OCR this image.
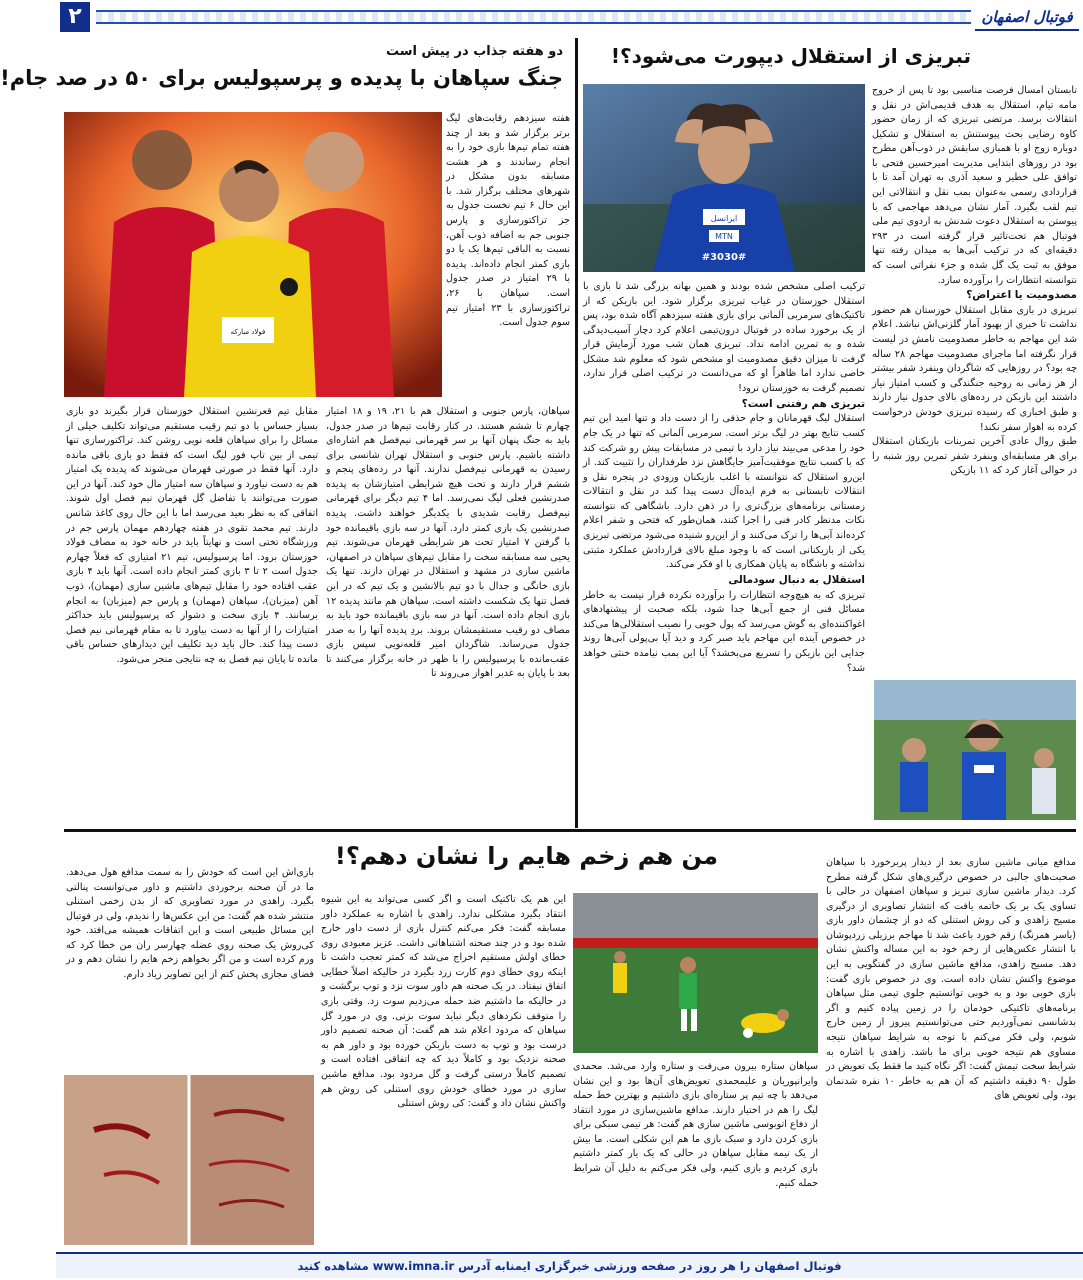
۲	فوتبال اصفهان
تبریزی از استقلال دیپورت می‌شود؟!
ایرانسل
MTN
#3030#

تابستان امسال فرصت مناسبی بود تا پس از خروج مامه تیام، استقلال به هدف قدیمی‌اش در نقل و انتقالات برسد. مرتضی تبریزی که از زمان حضور کاوه رضایی بحث پیوستنش به استقلال و تشکیل دوباره زوج او با همبازی سابقش در ذوب‌آهن مطرح بود در روزهای ابتدایی مدیریت امیرحسین فتحی با توافق علی خطیر و سعید آذری به تهران آمد تا با قراردادی رسمی به‌عنوان بمب نقل و انتقالاتی این تیم لقب بگیرد. آمار نشان می‌دهد مهاجمی که با پیوستن به استقلال دعوت شدنش به اردوی تیم ملی فوتبال هم تحت‌تاثیر قرار گرفته است در ۲۹۳ دقیقه‌ای که در ترکیب آبی‌ها به میدان رفته تنها موفق به ثبت یک گل شده و جزء نفراتی است که نتوانسته انتظارات را برآورده سازد.

مصدومیت یا اعتراض؟

تبریزی در بازی مقابل استقلال خوزستان هم حضور نداشت تا خبری از بهبود آمار گلزنی‌اش نباشد. اعلام شد این مهاجم به خاطر مصدومیت نامش در لیست قرار نگرفته اما ماجرای مصدومیت مهاجم ۲۸ ساله چه بود؟ در روزهایی که شاگردان وینفرد شفر بیشتر از هر زمانی به روحیه جنگندگی و کسب امتیاز نیاز داشتند این بازیکن در رده‌های بالای جدول نیاز دارند و طبق اخباری که رسیده تبریزی خودش درخواست کرده به اهواز سفر نکند!

طبق روال عادی آخرین تمرینات بازیکنان استقلال برای هر مسابقه‌ای وینفرد شفر تمرین روز شنبه را در حوالی آغاز کرد که ۱۱ بازیکن

ترکیب اصلی مشخص شده بودند و همین بهانه بزرگی شد تا بازی با استقلال خوزستان در غیاب تبریزی برگزار شود. این بازیکن که از تاکتیک‌های سرمربی آلمانی برای بازی هفته سیزدهم آگاه شده بود، پس از یک برخورد ساده در فوتبال درون‌تیمی اعلام کرد دچار آسیب‌دیدگی شده و به تمرین ادامه نداد. تبریزی همان شب مورد آزمایش قرار گرفت تا میزان دقیق مصدومیت او مشخص شود که معلوم شد مشکل خاصی ندارد اما ظاهراً او که می‌دانست در ترکیب اصلی قرار ندارد، تصمیم گرفت به خوزستان نرود!

تبریزی هم رفتنی است؟

استقلال لیگ قهرمانان و جام حذفی را از دست داد و تنها امید این تیم کسب نتایج بهتر در لیگ برتر است. سرمربی آلمانی که تنها در یک جام خود را مدعی می‌بیند نیاز دارد با تیمی در مسابقات پیش رو شرکت کند که با کسب نتایج موفقیت‌آمیز جایگاهش نزد طرفداران را تثبیت کند. از این‌رو استقلال که نتوانسته با اغلب بازیکنان ورودی در پنجره نقل و انتقالات تابستانی به فرم ایده‌آل دست پیدا کند در نقل و انتقالات زمستانی برنامه‌های بزرگ‌تری را در ذهن دارد. باشگاهی که نتوانسته نکات مدنظر کادر فنی را اجرا کنند، همان‌طور که فتحی و شفر اعلام کرده‌اند آبی‌ها را ترک می‌کنند و از این‌رو شنیده می‌شود مرتضی تبریزی یکی از بازیکنانی است که با وجود مبلغ بالای قراردادش عملکرد مثبتی نداشته و باشگاه به پایان همکاری با او فکر می‌کند.

استقلال به دنبال سودمالی

تبریزی که به هیچ‌وجه انتظارات را برآورده نکرده قرار نیست به خاطر مسائل فنی از جمع آبی‌ها جدا شود، بلکه صحبت از پیشنهادهای اغواکننده‌ای به گوش می‌رسد که پول خوبی را نصیب استقلالی‌ها می‌کند در خصوص آینده این مهاجم باید صبر کرد و دید آیا بی‌پولی آبی‌ها روند جدایی این بازیکن را تسریع می‌بخشد؟ آیا این بمب نیامده خنثی خواهد شد؟

دو هفته جذاب در پیش است
جنگ سپاهان با پدیده و پرسپولیس برای ۵۰ در صد جام!
فولاد مبارکه
هفته سیزدهم رقابت‌های لیگ برتر برگزار شد و بعد از چند هفته تمام تیم‌ها بازی خود را به انجام رساندند و هر هشت مسابقه بدون مشکل در شهرهای مختلف برگزار شد. با این حال ۶ تیم نخست جدول به جز تراکتورسازی و پارس جنوبی جم به اضافه ذوب آهن، نسبت به الباقی تیم‌ها یک یا دو بازی کمتر انجام داده‌اند. پدیده با ۲۹ امتیاز در صدر جدول است. سپاهان با ۲۶، تراکتورسازی با ۲۳ امتیاز تیم سوم جدول است.
سپاهان، پارس جنوبی و استقلال هم با ۲۱، ۱۹ و ۱۸ امتیاز چهارم تا ششم هستند. در کنار رقابت تیم‌ها در صدر جدول، باید به جنگ پنهان آنها بر سر قهرمانی نیم‌فصل هم اشاره‌ای داشته باشیم. پارس جنوبی و استقلال تهران شانسی برای رسیدن به قهرمانی نیم‌فصل ندارند. آنها در رده‌های پنجم و ششم قرار دارند و تحت هیچ شرایطی امتیازشان به پدیده صدرنشین فعلی لیگ نمی‌رسد. اما ۴ تیم دیگر برای قهرمانی نیم‌فصل رقابت شدیدی با یکدیگر خواهند داشت. پدیده صدرنشین یک بازی کمتر دارد. آنها در سه بازی باقیمانده خود با گرفتن ۷ امتیاز تحت هر شرایطی قهرمان می‌شوند. تیم یحیی سه مسابقه سخت را مقابل تیم‌های سپاهان در اصفهان، ماشین سازی در مشهد و استقلال در تهران دارند. تنها یک بازی خانگی و جدال با دو تیم بالانشین و یک تیم که در این فصل تنها یک شکست داشته است. سپاهان هم مانند پدیده ۱۲ بازی انجام داده است. آنها در سه بازی باقیمانده خود باید به مصاف دو رقیب مستقیمشان بروند. بردِ پدیده آنها را به صدر جدول می‌رساند. شاگردان امیر قلعه‌نویی سپس بازی عقب‌مانده با پرسپولیس را با ظهر در خانه برگزار می‌کنند تا بعد با پایان به غدیر اهواز می‌روند تا
مقابل تیم قعرنشین استقلال خوزستان قرار بگیرند دو بازی بسیار حساس با دو تیم رقیب مستقیم می‌تواند تکلیف خیلی از مسائل را برای سپاهان قلعه نویی روشن کند. تراکتورسازی تنها تیمی از بین تاپ فور لیگ است که فقط دو بازی باقی مانده دارد. آنها فقط در صورتی قهرمان می‌شوند که پدیده یک امتیاز هم به دست نیاورد و سپاهان سه امتیاز مال خود کند. آنها در این صورت می‌توانند با تفاضل گل قهرمان نیم فصل اول شوند. اتفاقی که به نظر بعید می‌رسد اما با این حال روی کاغذ شانس دارند. تیم محمد تقوی در هفته چهاردهم مهمان پارس جم در ورزشگاه تختی است و نهایتاً باید در خانه خود به مصاف فولاد خوزستان برود. اما پرسپولیس، تیم ۲۱ امتیازی که فعلاً چهارم جدول است ۲ تا ۳ بازی کمتر انجام داده است. آنها باید ۴ بازی عقب افتاده خود را مقابل تیم‌های ماشین سازی (مهمان)، ذوب آهن (میزبان)، سپاهان (مهمان) و پارس جم (میزبان) به انجام برسانند. ۴ بازی سخت و دشوار که پرسپولیس باید حداکثر امتیازات را از آنها به دست بیاورد تا به مقام قهرمانی نیم فصل دست پیدا کند. حال باید دید تکلیف این دیدارهای حساس باقی مانده تا پایان نیم فصل به چه نتایجی منجر می‌شود.
من هم زخم هایم را نشان دهم؟!	مدافع میانی ماشین سازی بعد از دیدار پربرخورد با سپاهان صحبت‌های جالبی در خصوص درگیری‌های شکل گرفته مطرح کرد. دیدار ماشین سازی تبریز و سپاهان اصفهان در حالی با تساوی یک بر یک خاتمه یافت که انتشار تصاویری از درگیری مسیح زاهدی و کی روش استنلی که دو از چشمان داور بازی (یاسر همرنگ) رقم خورد باعث شد تا مهاجم برزیلی زردپوشان با انتشار عکس‌هایی از زخم خود به این مساله واکنش نشان دهد. مسیح زاهدی، مدافع ماشین سازی در گفتگویی به این موضوع واکنش نشان داده است. وی در خصوص بازی گفت: بازی خوبی بود و به خوبی توانستیم جلوی تیمی مثل سپاهان برنامه‌های تاکتیکی خودمان را در زمین پیاده کنیم و اگر بدشانسی نمی‌آوردیم حتی می‌توانستیم پیروز از زمین خارج شویم، ولی فکر می‌کنم با توجه به شرایط سپاهان نتیجه مساوی هم نتیجه خوبی برای ما باشد. زاهدی با اشاره به شرایط سخت تیمش گفت: اگر نگاه کنید ما فقط یک تعویض در طول ۹۰ دقیقه داشتیم که آن هم به خاطر ۱۰ نفره شدنمان بود، ولی تعویض های
سپاهان ستاره بیرون می‌رفت و ستاره وارد می‌شد. محمدی وایرانپوریان و علیمحمدی تعویض‌های آن‌ها بود و این نشان می‌دهد با چه تیم پر ستاره‌ای بازی داشتیم و بهترین خط حمله لیگ را هم در اختیار دارند. مدافع ماشین‌سازی در مورد انتقاد از دفاع اتوبوسی ماشین سازی هم گفت: هر تیمی سبکی برای بازی کردن دارد و سبک بازی ما هم این شکلی است. ما بیش از یک نیمه مقابل سپاهان در حالی که یک یار کمتر داشتیم بازی کردیم و بازی کنیم، ولی فکر می‌کنم به دلیل آن شرایط حمله کنیم.
این هم یک تاکتیک است و اگر کسی می‌تواند به این شیوه انتقاد بگیرد مشکلی ندارد. زاهدی با اشاره به عملکرد داور مسابقه گفت: فکر می‌کنم کنترل بازی از دست داور خارج شده بود و در چند صحنه اشتباهاتی داشت. عزیز معبودی روی خطای اولش مستقیم اخراج می‌شد که کمتر تعجب داشت تا اینکه روی خطای دوم کارت زرد بگیرد در حالیکه اصلاً خطایی اتفاق نیفتاد. در یک صحنه هم داور سوت نزد و توپ برگشت و در حالیکه ما داشتیم ضد حمله می‌زدیم سوت زد. وقتی بازی را متوقف نکردهای دیگر نباید سوت بزنی. وی در مورد گل سپاهان که مردود اعلام شد هم گفت: آن صحنه تصمیم داور درست بود و توپ به دست بازیکن خورده بود و داور هم به صحنه نزدیک بود و کاملاً دید که چه اتفاقی افتاده است و تصمیم کاملاً درستی گرفت و گل مردود بود. مدافع ماشین سازی در مورد خطای خودش روی استنلی کی روش هم واکنش نشان داد و گفت: کی روش استنلی
بازی‌اش این است که خودش را به سمت مدافع هول می‌دهد. ما در آن صحنه برخوردی داشتیم و داور می‌توانست پنالتی بگیرد. زاهدی در مورد تصاویری که از بدن زخمی استنلی منتشر شده هم گفت: من این عکس‌ها را ندیدم، ولی در فوتبال این مسائل طبیعی است و این اتفاقات همیشه می‌افتد. خود کی‌روش یک صحنه روی عضله چهارسر ران من خطا کرد که ورم کرده است و من اگر بخواهم زخم هایم را نشان دهم و در فضای مجازی پخش کنم از این تصاویر زیاد دارم.
فوتبال اصفهان را هر روز در صفحه ورزشی خبرگزاری ایمنابه آدرس www.imna.ir مشاهده کنید
